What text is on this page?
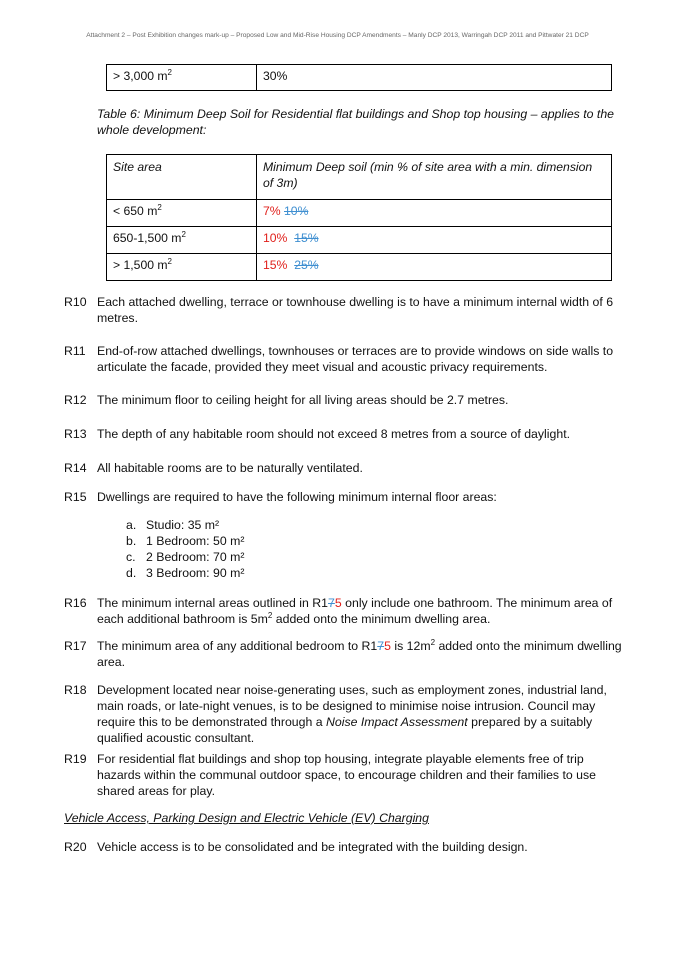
Attachment 2 – Post Exhibition changes mark-up – Proposed Low and Mid-Rise Housing DCP Amendments – Manly DCP 2013, Warringah DCP 2011 and Pittwater 21 DCP
> 3,000 $m^2$	30%
Table 6: Minimum Deep Soil for Residential flat buildings and Shop top housing – applies to the whole development:
Site area	Minimum Deep soil (min % of site area with a min. dimension of 3m)
< 650 $m^2$	7% 10%
650-1,500 $m^2$	10% 15%
> 1,500 $m^2$	15% 25%
R10 Each attached dwelling, terrace or townhouse dwelling is to have a minimum internal width of 6 metres.
R11 End-of-row attached dwellings, townhouses or terraces are to provide windows on side walls to articulate the facade, provided they meet visual and acoustic privacy requirements.
R12 The minimum floor to ceiling height for all living areas should be 2.7 metres.
R13 The depth of any habitable room should not exceed 8 metres from a source of daylight.
R14 All habitable rooms are to be naturally ventilated.
R15 Dwellings are required to have the following minimum internal floor areas:
a. Studio: 35 m²
b. 1 Bedroom: 50 m²
c. 2 Bedroom: 70 m²
d. 3 Bedroom: 90 m²
R16 The minimum internal areas outlined in R175 only include one bathroom. The minimum area of each additional bathroom is $5m^2$ added onto the minimum dwelling area.
R17 The minimum area of any additional bedroom to R175 is $12m^2$ added onto the minimum dwelling area.
R18 Development located near noise-generating uses, such as employment zones, industrial land, main roads, or late-night venues, is to be designed to minimise noise intrusion. Council may require this to be demonstrated through a Noise Impact Assessment prepared by a suitably qualified acoustic consultant.
R19 For residential flat buildings and shop top housing, integrate playable elements free of trip hazards within the communal outdoor space, to encourage children and their families to use shared areas for play.
Vehicle Access, Parking Design and Electric Vehicle (EV) Charging
R20 Vehicle access is to be consolidated and be integrated with the building design.
